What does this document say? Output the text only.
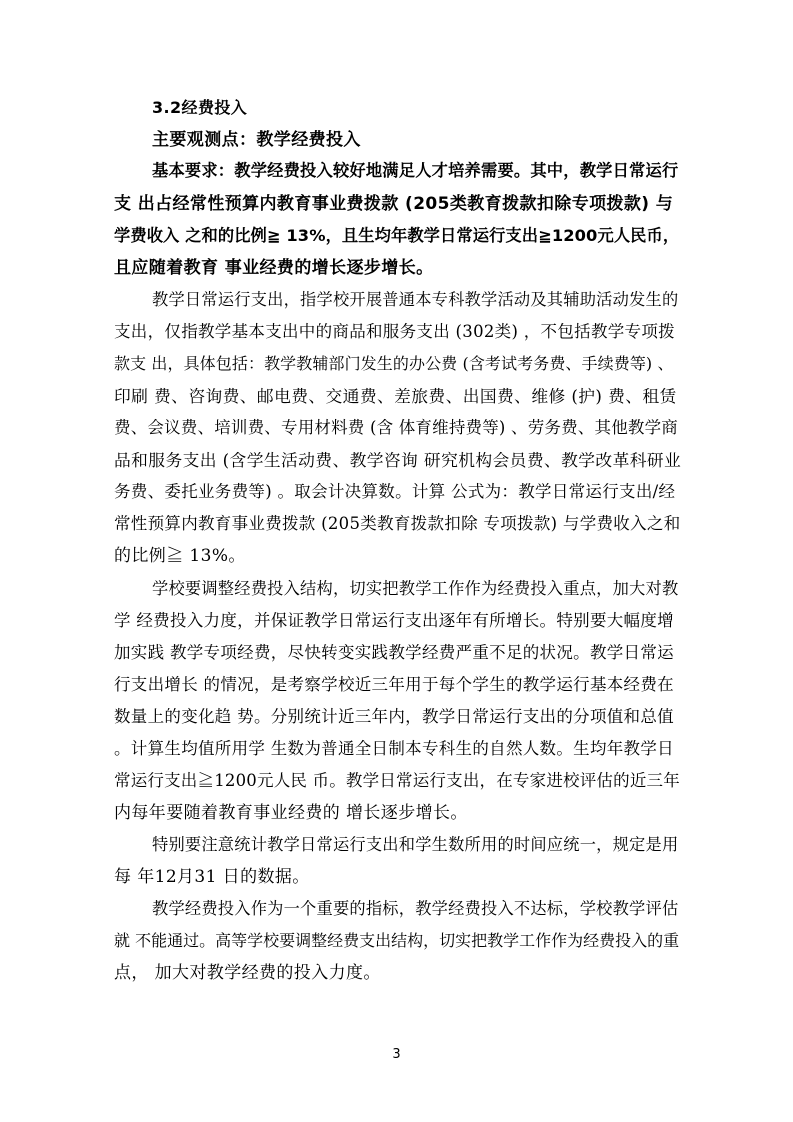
3.2经费投入
主要观测点：教学经费投入
基本要求：教学经费投入较好地满足人才培养需要。其中，教学日常运行
支 出占经常性预算内教育事业费拨款 (205类教育拨款扣除专项拨款) 与
学费收入 之和的比例≧ 13%，且生均年教学日常运行支出≧1200元人民币，
且应随着教育 事业经费的增长逐步增长。
教学日常运行支出，指学校开展普通本专科教学活动及其辅助活动发生的
支出，仅指教学基本支出中的商品和服务支出 (302类) ，不包括教学专项拨
款支 出，具体包括：教学教辅部门发生的办公费 (含考试考务费、手续费等) 、
印刷 费、咨询费、邮电费、交通费、差旅费、出国费、维修 (护) 费、租赁
费、会议费、培训费、专用材料费 (含 体育维持费等) 、劳务费、其他教学商
品和服务支出 (含学生活动费、教学咨询 研究机构会员费、教学改革科研业
务费、委托业务费等) 。取会计决算数。计算 公式为：教学日常运行支出/经
常性预算内教育事业费拨款 (205类教育拨款扣除 专项拨款) 与学费收入之和
的比例≧ 13%。
学校要调整经费投入结构，切实把教学工作作为经费投入重点，加大对教
学 经费投入力度，并保证教学日常运行支出逐年有所增长。特别要大幅度增
加实践 教学专项经费，尽快转变实践教学经费严重不足的状况。教学日常运
行支出增长 的情况，是考察学校近三年用于每个学生的教学运行基本经费在
数量上的变化趋 势。分别统计近三年内，教学日常运行支出的分项值和总值
。计算生均值所用学 生数为普通全日制本专科生的自然人数。生均年教学日
常运行支出≧1200元人民 币。教学日常运行支出，在专家进校评估的近三年
内每年要随着教育事业经费的 增长逐步增长。
特别要注意统计教学日常运行支出和学生数所用的时间应统一，规定是用
每 年12月31 日的数据。
教学经费投入作为一个重要的指标，教学经费投入不达标，学校教学评估
就 不能通过。高等学校要调整经费支出结构，切实把教学工作作为经费投入的重
点， 加大对教学经费的投入力度。
3
